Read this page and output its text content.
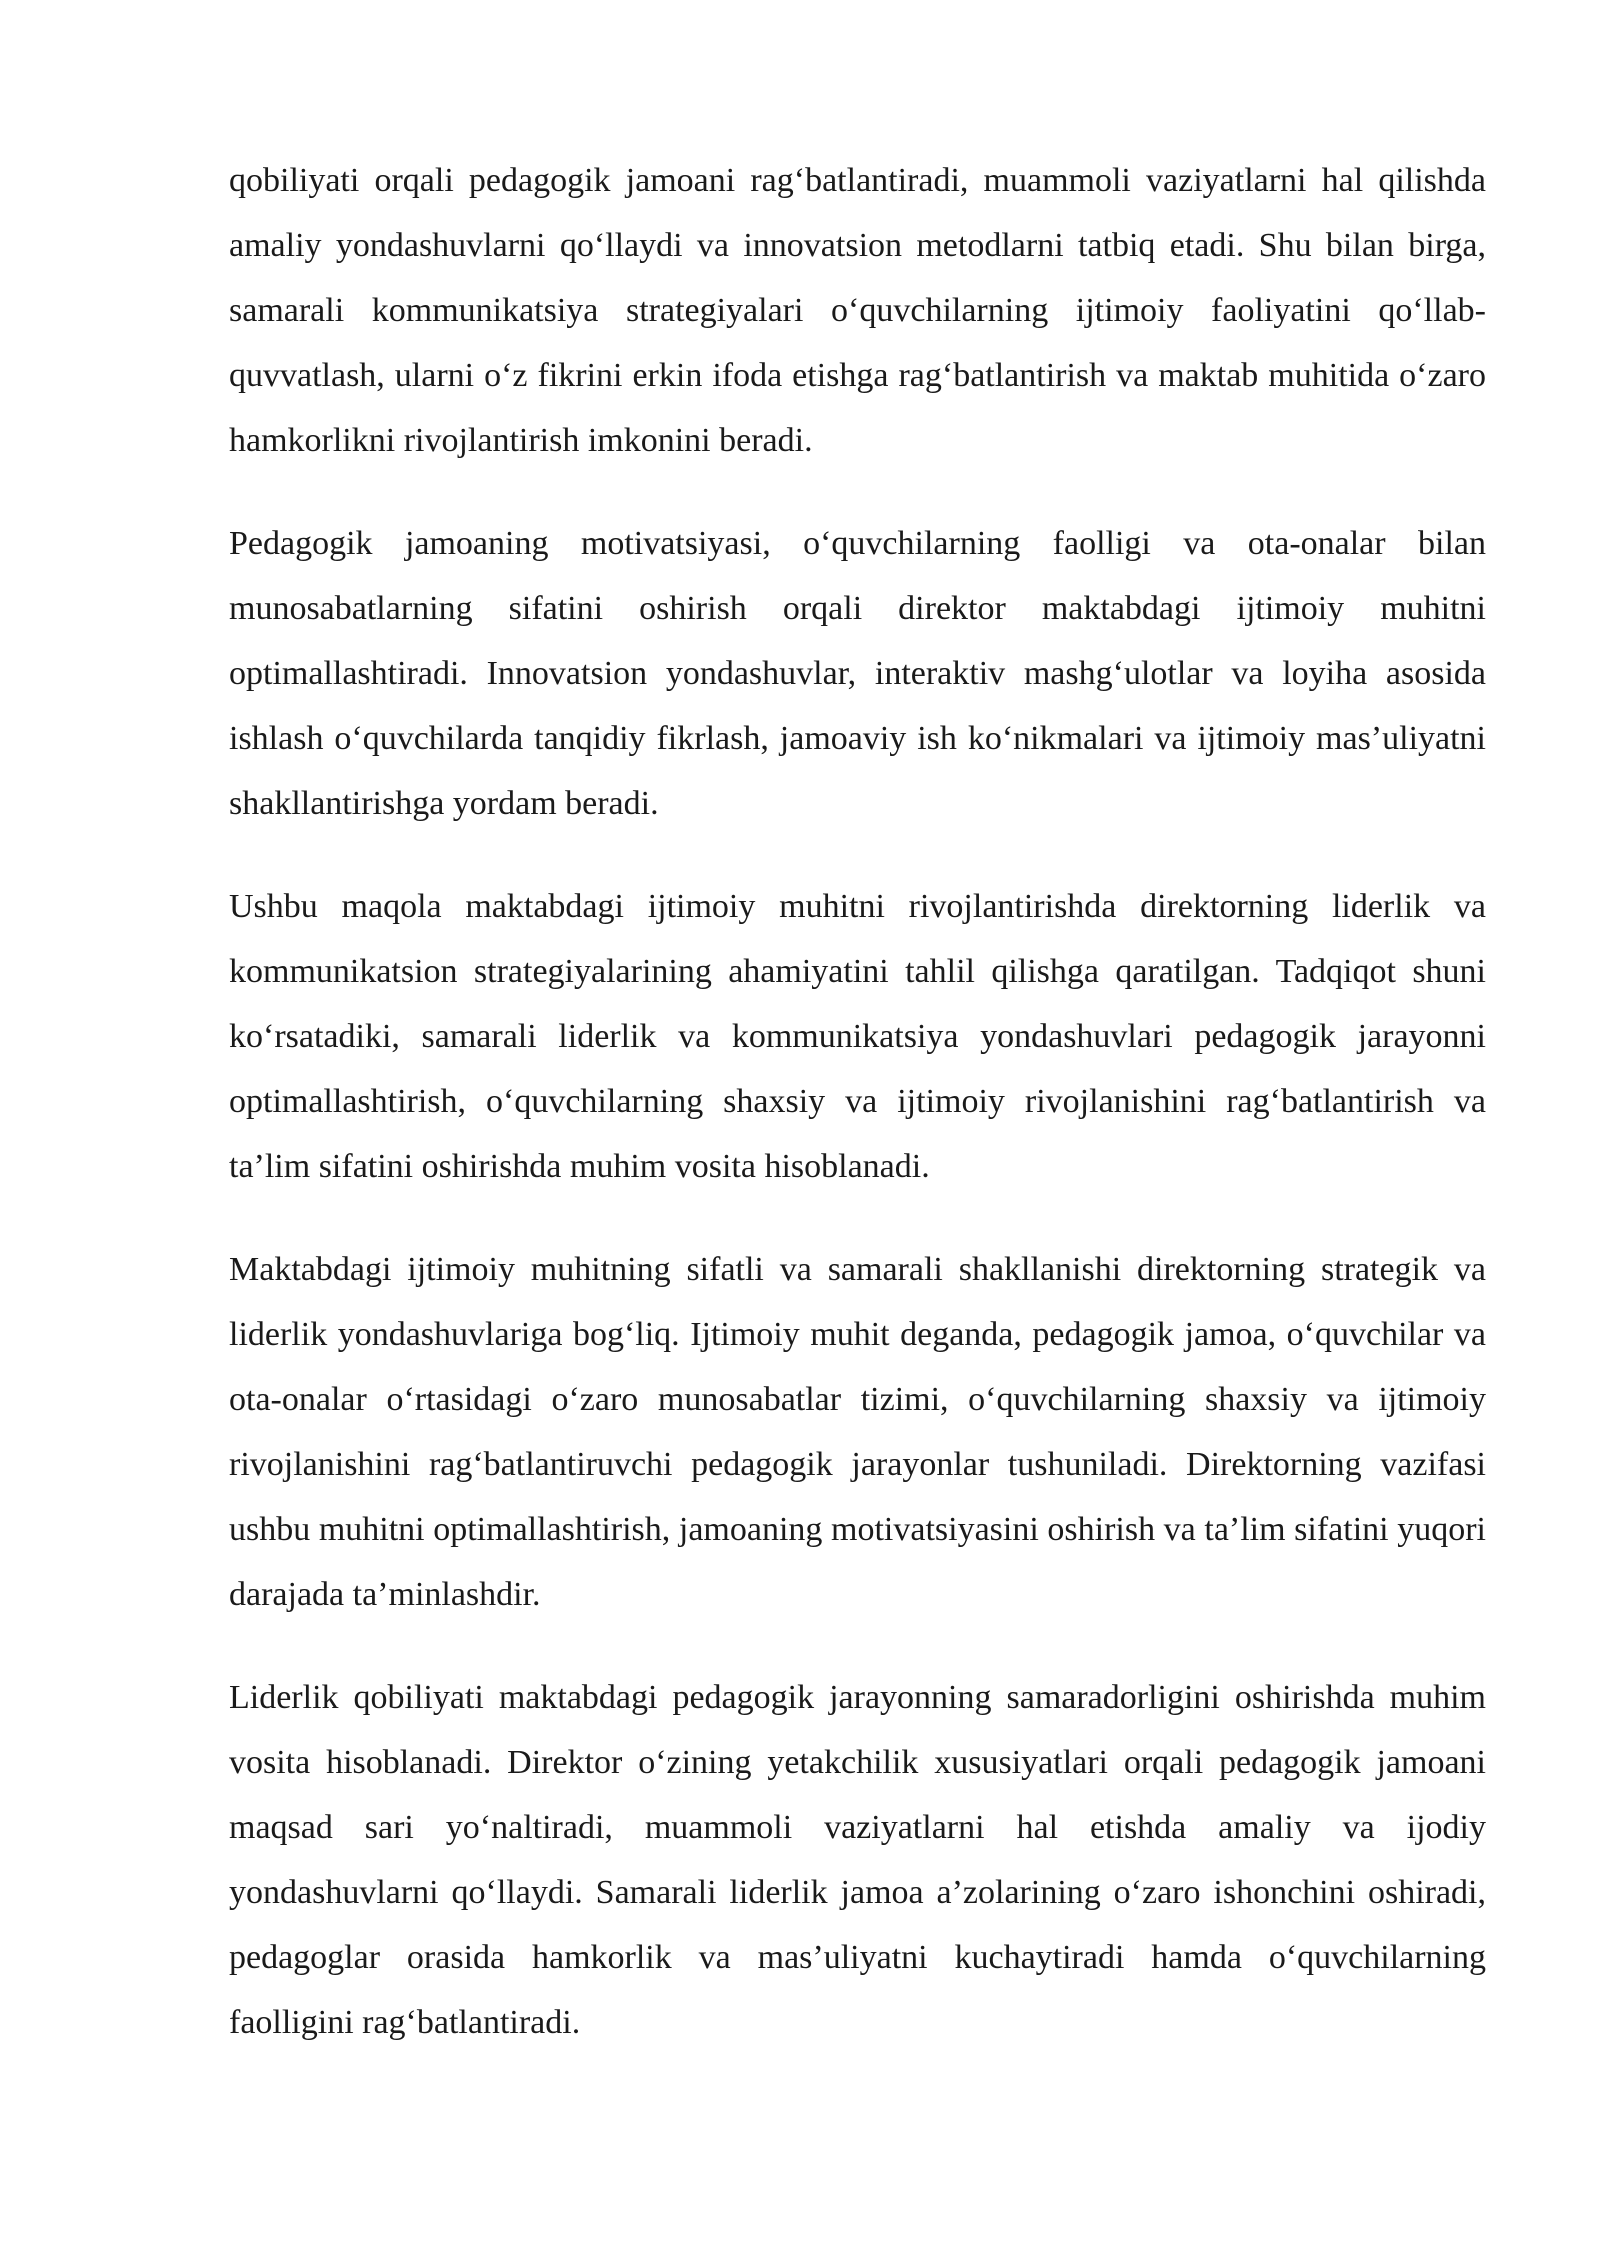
qobiliyati orqali pedagogik jamoani rag‘batlantiradi, muammoli vaziyatlarni hal qilishda amaliy yondashuvlarni qo‘llaydi va innovatsion metodlarni tatbiq etadi. Shu bilan birga, samarali kommunikatsiya strategiyalari o‘quvchilarning ijtimoiy faoliyatini qo‘llab-quvvatlash, ularni o‘z fikrini erkin ifoda etishga rag‘batlantirish va maktab muhitida o‘zaro hamkorlikni rivojlantirish imkonini beradi.

Pedagogik jamoaning motivatsiyasi, o‘quvchilarning faolligi va ota-onalar bilan munosabatlarning sifatini oshirish orqali direktor maktabdagi ijtimoiy muhitni optimallashtiradi. Innovatsion yondashuvlar, interaktiv mashg‘ulotlar va loyiha asosida ishlash o‘quvchilarda tanqidiy fikrlash, jamoaviy ish ko‘nikmalari va ijtimoiy mas’uliyatni shakllantirishga yordam beradi.

Ushbu maqola maktabdagi ijtimoiy muhitni rivojlantirishda direktorning liderlik va kommunikatsion strategiyalarining ahamiyatini tahlil qilishga qaratilgan. Tadqiqot shuni ko‘rsatadiki, samarali liderlik va kommunikatsiya yondashuvlari pedagogik jarayonni optimallashtirish, o‘quvchilarning shaxsiy va ijtimoiy rivojlanishini rag‘batlantirish va ta’lim sifatini oshirishda muhim vosita hisoblanadi.

Maktabdagi ijtimoiy muhitning sifatli va samarali shakllanishi direktorning strategik va liderlik yondashuvlariga bog‘liq. Ijtimoiy muhit deganda, pedagogik jamoa, o‘quvchilar va ota-onalar o‘rtasidagi o‘zaro munosabatlar tizimi, o‘quvchilarning shaxsiy va ijtimoiy rivojlanishini rag‘batlantiruvchi pedagogik jarayonlar tushuniladi. Direktorning vazifasi ushbu muhitni optimallashtirish, jamoaning motivatsiyasini oshirish va ta’lim sifatini yuqori darajada ta’minlashdir.

Liderlik qobiliyati maktabdagi pedagogik jarayonning samaradorligini oshirishda muhim vosita hisoblanadi. Direktor o‘zining yetakchilik xususiyatlari orqali pedagogik jamoani maqsad sari yo‘naltiradi, muammoli vaziyatlarni hal etishda amaliy va ijodiy yondashuvlarni qo‘llaydi. Samarali liderlik jamoa a’zolarining o‘zaro ishonchini oshiradi, pedagoglar orasida hamkorlik va mas’uliyatni kuchaytiradi hamda o‘quvchilarning faolligini rag‘batlantiradi.
